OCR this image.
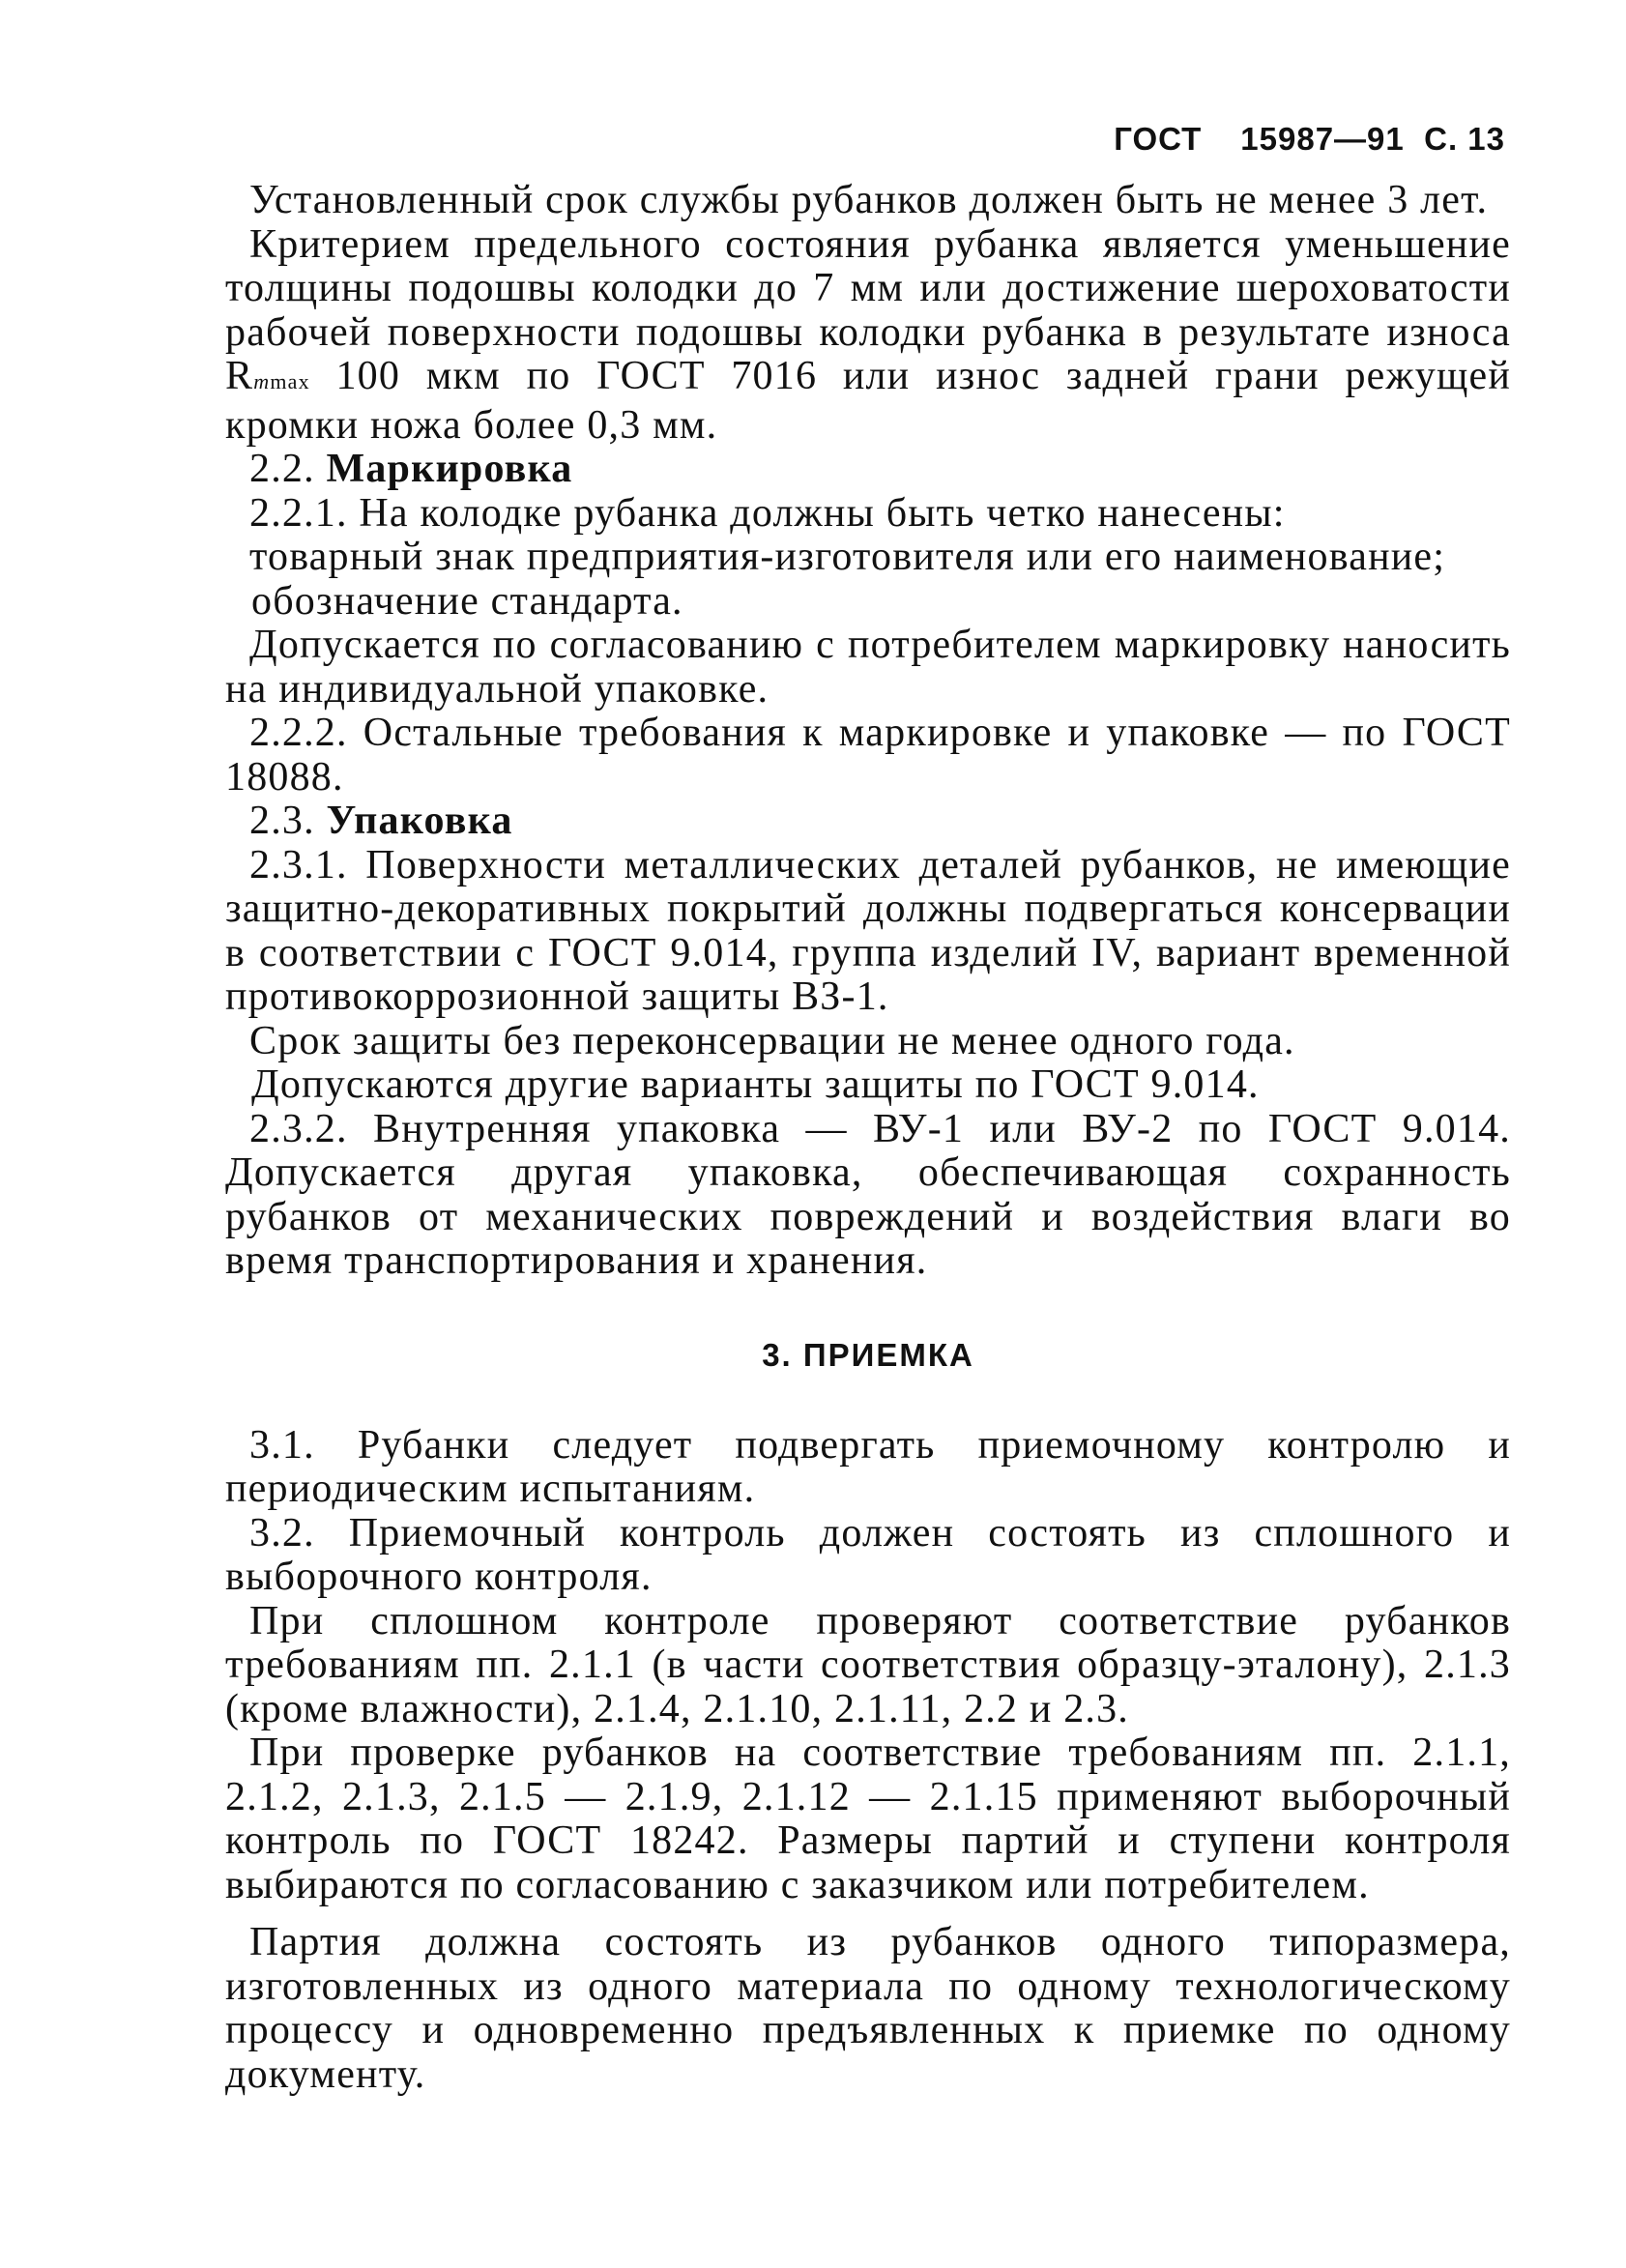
ГОСТ 15987—91 С. 13

Установленный срок службы рубанков должен быть не менее 3 лет.

Критерием предельного состояния рубанка является уменьшение толщины подошвы колодки до 7 мм или достижение шероховатости рабочей поверхности подошвы колодки рубанка в результате износа Rmmax 100 мкм по ГОСТ 7016 или износ задней грани режущей кромки ножа более 0,3 мм.

2.2. Маркировка

2.2.1. На колодке рубанка должны быть четко нанесены:

товарный знак предприятия-изготовителя или его наименование;

обозначение стандарта.

Допускается по согласованию с потребителем маркировку наносить на индивидуальной упаковке.

2.2.2. Остальные требования к маркировке и упаковке — по ГОСТ 18088.

2.3. Упаковка

2.3.1. Поверхности металлических деталей рубанков, не имеющие защитно-декоративных покрытий должны подвергаться консервации в соответствии с ГОСТ 9.014, группа изделий IV, вариант временной противокоррозионной защиты ВЗ-1.

Срок защиты без переконсервации не менее одного года.

Допускаются другие варианты защиты по ГОСТ 9.014.

2.3.2. Внутренняя упаковка — ВУ-1 или ВУ-2 по ГОСТ 9.014. Допускается другая упаковка, обеспечивающая сохранность рубанков от механических повреждений и воздействия влаги во время транспортирования и хранения.

3. ПРИЕМКА

3.1. Рубанки следует подвергать приемочному контролю и периодическим испытаниям.

3.2. Приемочный контроль должен состоять из сплошного и выборочного контроля.

При сплошном контроле проверяют соответствие рубанков требованиям пп. 2.1.1 (в части соответствия образцу-эталону), 2.1.3 (кроме влажности), 2.1.4, 2.1.10, 2.1.11, 2.2 и 2.3.

При проверке рубанков на соответствие требованиям пп. 2.1.1, 2.1.2, 2.1.3, 2.1.5 — 2.1.9, 2.1.12 — 2.1.15 применяют выборочный контроль по ГОСТ 18242. Размеры партий и ступени контроля выбираются по согласованию с заказчиком или потребителем.

Партия должна состоять из рубанков одного типоразмера, изготовленных из одного материала по одному технологическому процессу и одновременно предъявленных к приемке по одному документу.
